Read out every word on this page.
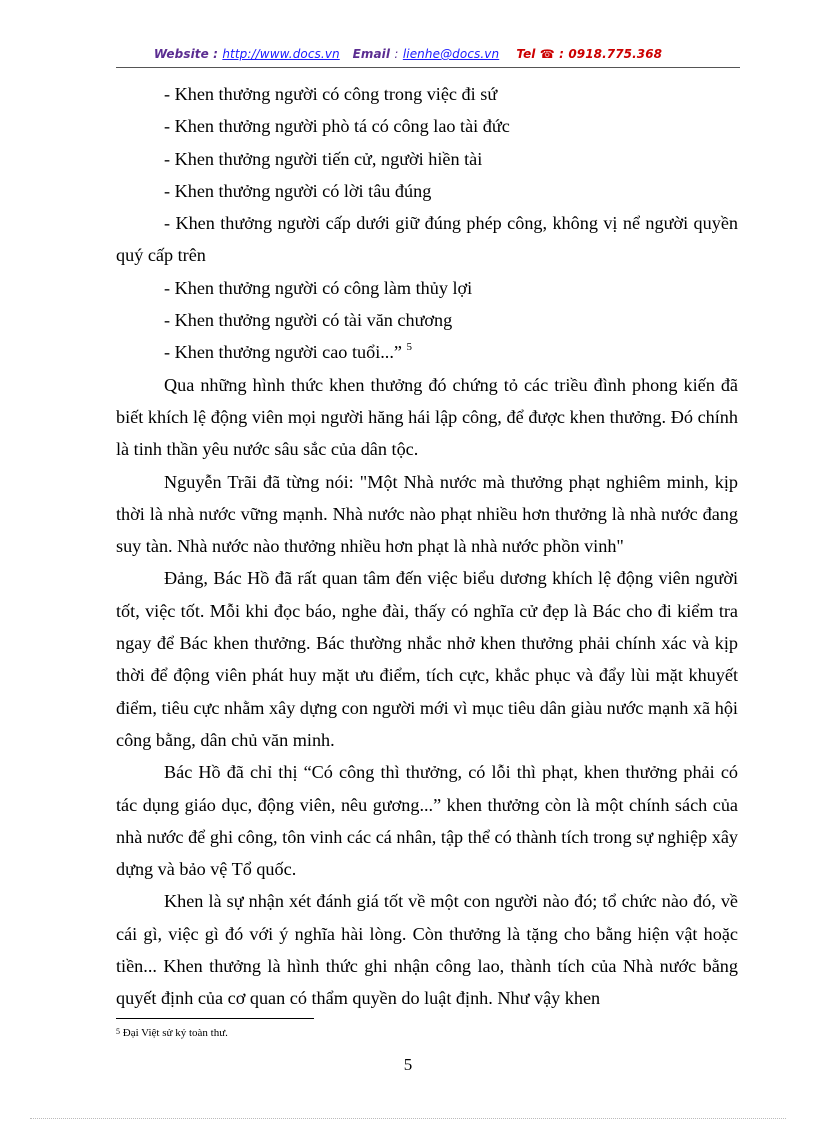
Website : http://www.docs.vn Email : lienhe@docs.vn Tel ☎ : 0918.775.368

- Khen thưởng người có công trong việc đi sứ

- Khen thưởng người phò tá có công lao tài đức

- Khen thưởng người tiến cử, người hiền tài

- Khen thưởng người có lời tâu đúng

- Khen thưởng người cấp dưới giữ đúng phép công, không vị nể người quyền quý cấp trên

- Khen thưởng người có công làm thủy lợi

- Khen thưởng người có tài văn chương

- Khen thưởng người cao tuổi...” $^5$

Qua những hình thức khen thưởng đó chứng tỏ các triều đình phong kiến đã biết khích lệ động viên mọi người hăng hái lập công, để được khen thưởng. Đó chính là tinh thần yêu nước sâu sắc của dân tộc.

Nguyễn Trãi đã từng nói: "Một Nhà nước mà thưởng phạt nghiêm minh, kịp thời là nhà nước vững mạnh. Nhà nước nào phạt nhiều hơn thưởng là nhà nước đang suy tàn. Nhà nước nào thưởng nhiều hơn phạt là nhà nước phồn vinh"

Đảng, Bác Hồ đã rất quan tâm đến việc biểu dương khích lệ động viên người tốt, việc tốt. Mỗi khi đọc báo, nghe đài, thấy có nghĩa cử đẹp là Bác cho đi kiểm tra ngay để Bác khen thưởng. Bác thường nhắc nhở khen thưởng phải chính xác và kịp thời để động viên phát huy mặt ưu điểm, tích cực, khắc phục và đẩy lùi mặt khuyết điểm, tiêu cực nhằm xây dựng con người mới vì mục tiêu dân giàu nước mạnh xã hội công bằng, dân chủ văn minh.

Bác Hồ đã chỉ thị “Có công thì thưởng, có lỗi thì phạt, khen thưởng phải có tác dụng giáo dục, động viên, nêu gương...” khen thưởng còn là một chính sách của nhà nước để ghi công, tôn vinh các cá nhân, tập thể có thành tích trong sự nghiệp xây dựng và bảo vệ Tổ quốc.

Khen là sự nhận xét đánh giá tốt về một con người nào đó; tổ chức nào đó, về cái gì, việc gì đó với ý nghĩa hài lòng. Còn thưởng là tặng cho bằng hiện vật hoặc tiền... Khen thưởng là hình thức ghi nhận công lao, thành tích của Nhà nước bằng quyết định của cơ quan có thẩm quyền do luật định. Như vậy khen

$^5$ Đại Việt sử ký toàn thư.
5
